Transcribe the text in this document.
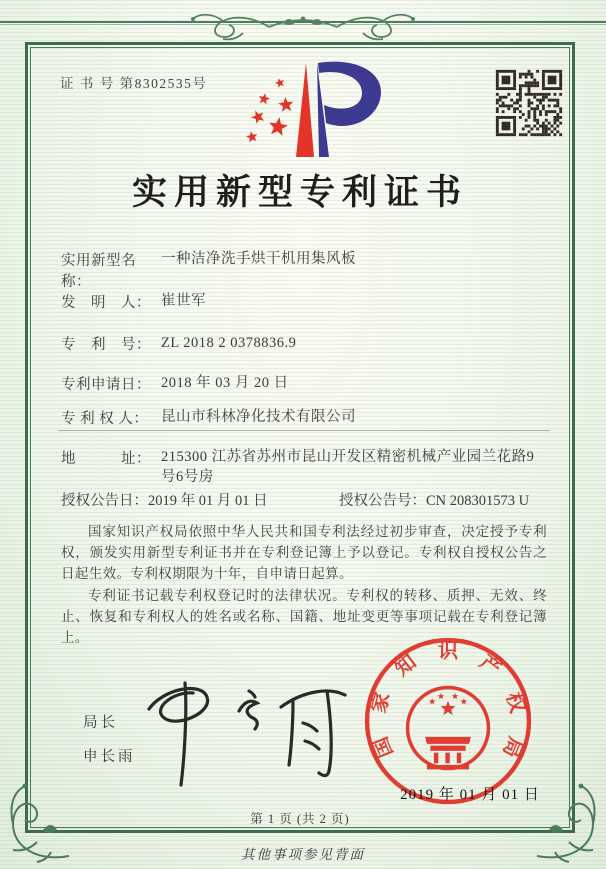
证 书 号 第8302535号
实用新型专利证书
实用新型名称：一种洁净洗手烘干机用集风板
发　明　人： 崔世军
专　利　号： ZL 2018 2 0378836.9
专利申请日： 2018 年 03 月 20 日
专 利 权 人： 昆山市科林净化技术有限公司
地　　　址： 215300 江苏省苏州市昆山开发区精密机械产业园兰花路9号6号房
授权公告日：2019 年 01 月 01 日	授权公告号：CN 208301573 U

国家知识产权局依照中华人民共和国专利法经过初步审查，决定授予专利权，颁发实用新型专利证书并在专利登记簿上予以登记。专利权自授权公告之日起生效。专利权期限为十年，自申请日起算。

专利证书记载专利权登记时的法律状况。专利权的转移、质押、无效、终止、恢复和专利权人的姓名或名称、国籍、地址变更等事项记载在专利登记簿上。

局长
申长雨	国
家
知 识 产
权
局
2019 年 01 月 01 日
第 1 页 (共 2 页)
其他事项参见背面
